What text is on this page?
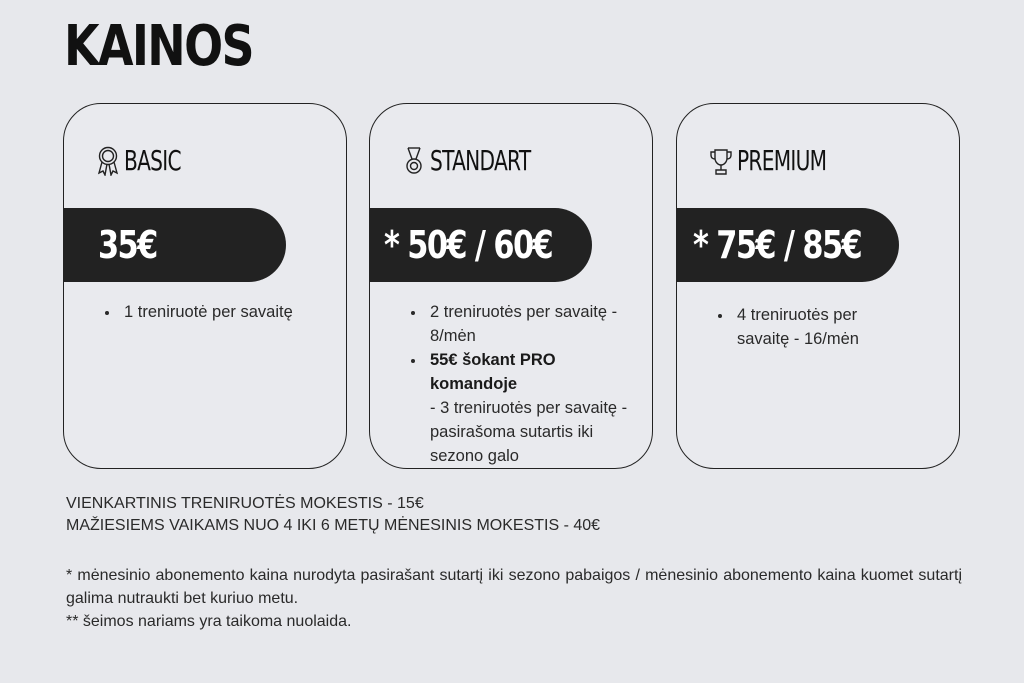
KAINOS
BASIC
35€
• 1 treniruotė per savaitę
STANDART
* 50€ / 60€
• 2 treniruotės per savaitę - 8/mėn
• 55€ šokant PRO komandoje
- 3 treniruotės per savaitę - pasirašoma sutartis iki sezono galo
PREMIUM
* 75€ / 85€
• 4 treniruotės per savaitę - 16/mėn
VIENKARTINIS TRENIRUOTĖS MOKESTIS - 15€
MAŽIESIEMS VAIKAMS NUO 4 IKI 6 METŲ MĖNESINIS MOKESTIS - 40€

* mėnesinio abonemento kaina nurodyta pasirašant sutartį iki sezono pabaigos / mėnesinio abonemento kaina kuomet sutartį galima nutraukti bet kuriuo metu.

** šeimos nariams yra taikoma nuolaida.
